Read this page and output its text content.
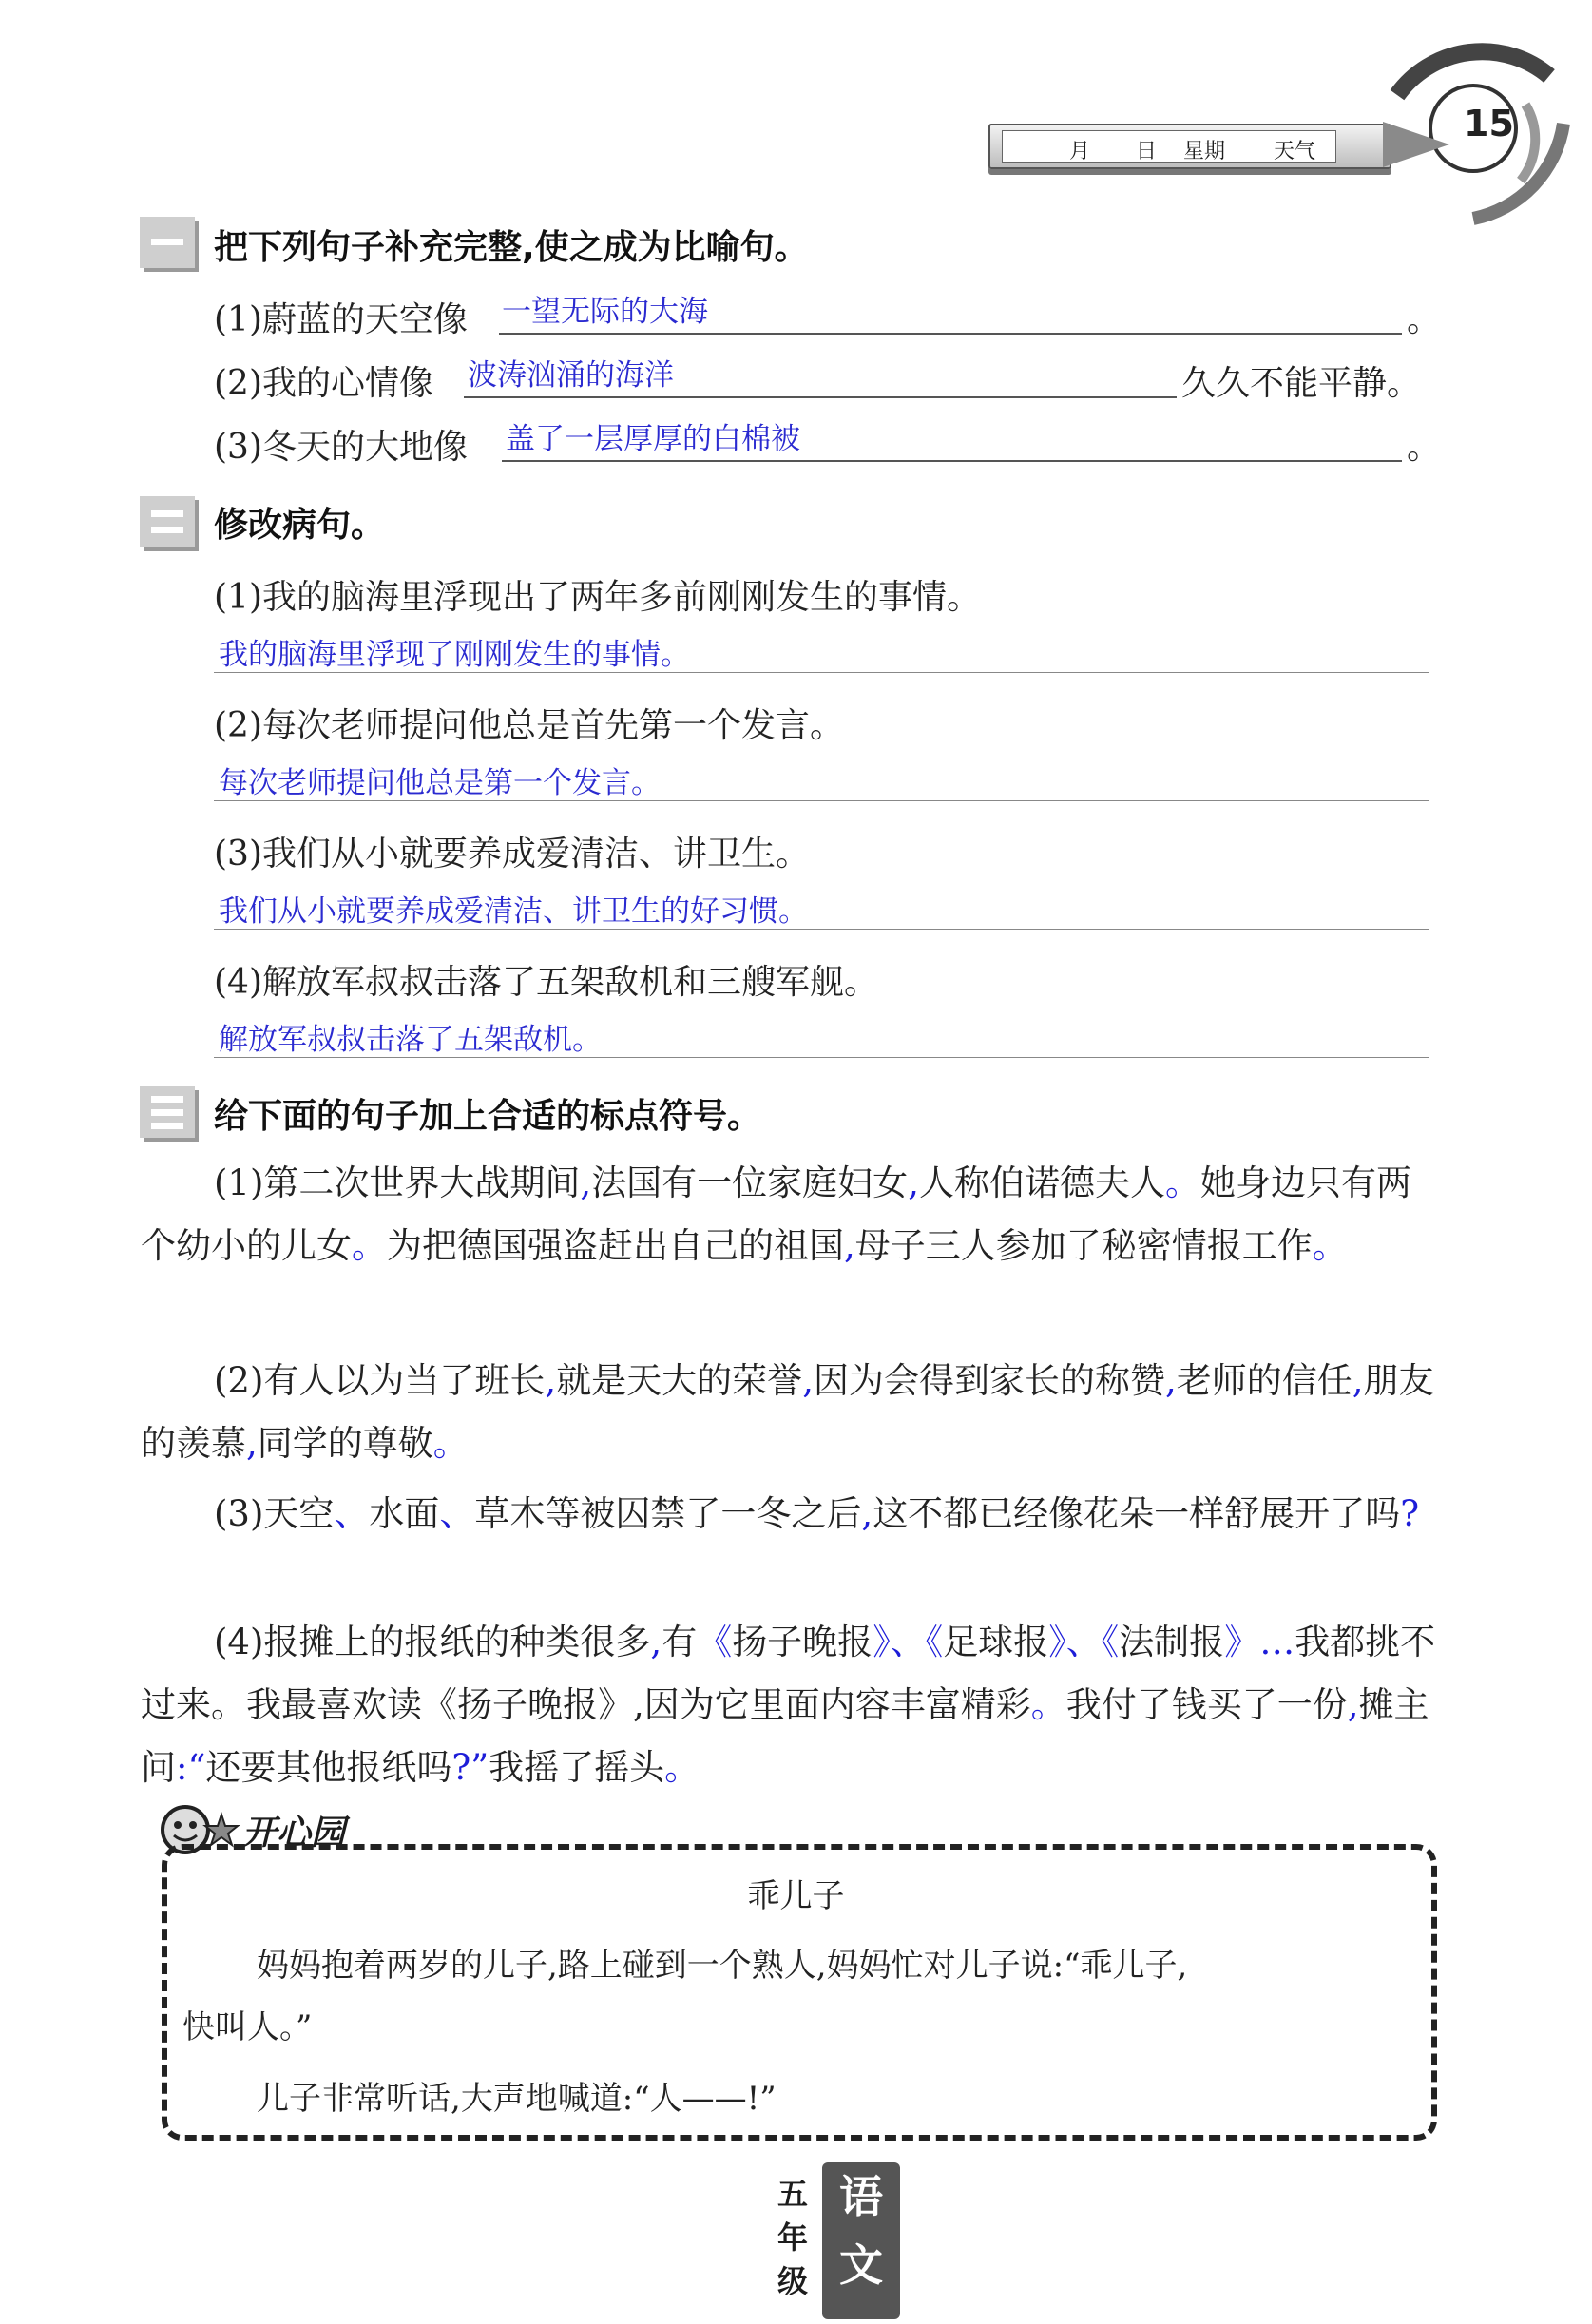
月 日 星期 天气
15
把下列句子补充完整,使之成为比喻句。
(1)蔚蓝的天空像 一望无际的大海	。
(2)我的心情像 波涛汹涌的海洋	久久不能平静。
(3)冬天的大地像 盖了一层厚厚的白棉被	。
修改病句。
(1)我的脑海里浮现出了两年多前刚刚发生的事情。
我的脑海里浮现了刚刚发生的事情。
(2)每次老师提问他总是首先第一个发言。
每次老师提问他总是第一个发言。
(3)我们从小就要养成爱清洁、讲卫生。
我们从小就要养成爱清洁、讲卫生的好习惯。
(4)解放军叔叔击落了五架敌机和三艘军舰。
解放军叔叔击落了五架敌机。
给下面的句子加上合适的标点符号。
(1)第二次世界大战期间,法国有一位家庭妇女,人称伯诺德夫人。她身边只有两个幼小的儿女。为把德国强盗赶出自己的祖国,母子三人参加了秘密情报工作。
(2)有人以为当了班长,就是天大的荣誉,因为会得到家长的称赞,老师的信任,朋友的羡慕,同学的尊敬。
(3)天空、水面、草木等被囚禁了一冬之后,这不都已经像花朵一样舒展开了吗?
(4)报摊上的报纸的种类很多,有《扬子晚报》、《足球报》、《法制报》…我都挑不过来。我最喜欢读《扬子晚报》,因为它里面内容丰富精彩。我付了钱买了一份,摊主问:“还要其他报纸吗?”我摇了摇头。
开心园
乖儿子
妈妈抱着两岁的儿子,路上碰到一个熟人,妈妈忙对儿子说:“乖儿子,
快叫人。”
儿子非常听话,大声地喊道:“人——!”
五
年
级
语
文
